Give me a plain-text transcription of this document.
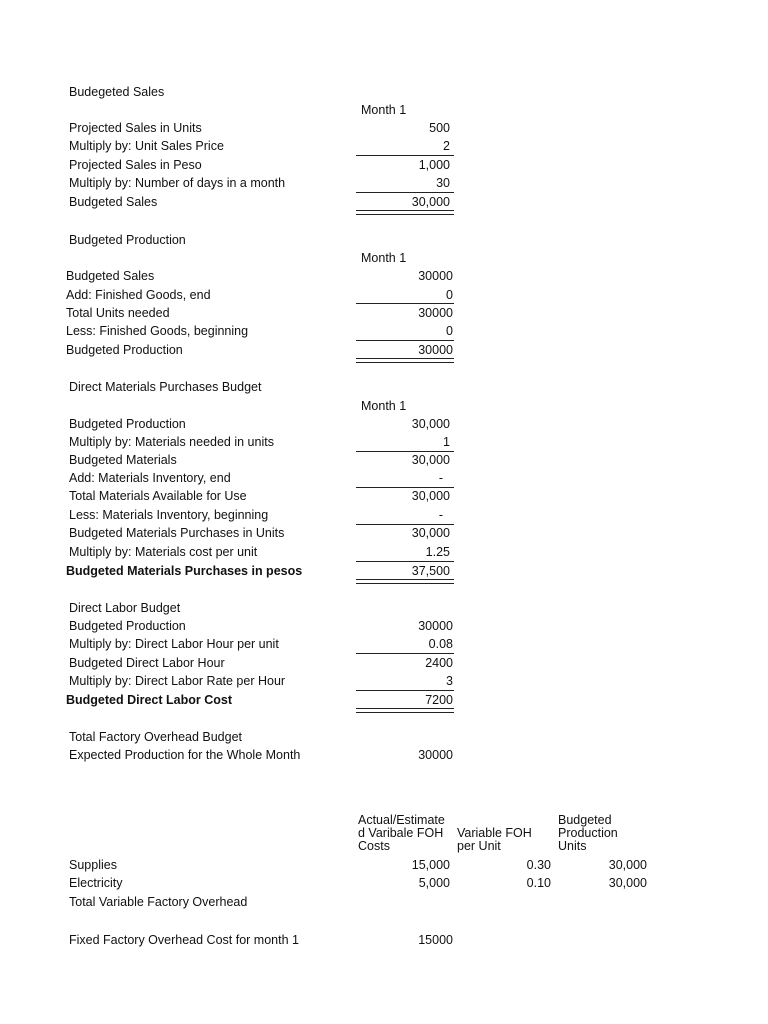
Budegeted Sales
Month 1
Projected Sales in Units	500
Multiply by: Unit Sales Price	2
Projected Sales in Peso	1,000
Multiply by: Number of days in a month	30
Budgeted Sales	30,000
Budgeted Production
Month 1
Budgeted Sales	30000
Add: Finished Goods, end	0
Total Units needed	30000
Less: Finished Goods, beginning	0
Budgeted Production	30000
Direct Materials Purchases Budget
Month 1
Budgeted Production	30,000
Multiply by: Materials needed in units	1
Budgeted Materials	30,000
Add: Materials Inventory, end	-
Total Materials Available for Use	30,000
Less: Materials Inventory, beginning	-
Budgeted Materials Purchases in Units	30,000
Multiply by: Materials cost per unit	1.25
Budgeted Materials Purchases in pesos	37,500
Direct Labor Budget
Budgeted Production	30000
Multiply by: Direct Labor Hour per unit	0.08
Budgeted Direct Labor Hour	2400
Multiply by: Direct Labor Rate per Hour	3
Budgeted Direct Labor Cost	7200
Total Factory Overhead Budget
Expected Production for the Whole Month	30000
Actual/Estimate d Varibale FOH Costs
Variable FOH per Unit
Budgeted Production Units
Supplies	15,000	0.30	30,000
Electricity	5,000	0.10	30,000
Total Variable Factory Overhead
Fixed Factory Overhead Cost for month 1	15000
